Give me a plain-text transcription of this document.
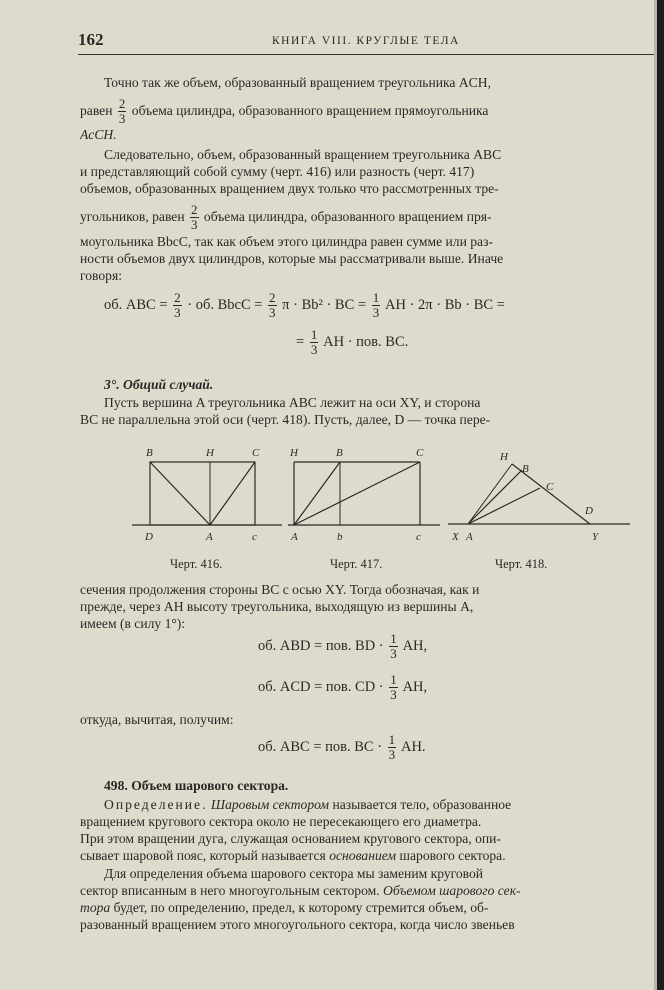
162	КНИГА VIII. КРУГЛЫЕ ТЕЛА
Точно так же объем, образованный вращением треугольника ACH,
равен $\frac{2}{3}$ объема цилиндра, образованного вращением прямоугольника
AcCH.
Следовательно, объем, образованный вращением треугольника ABC
и представляющий собой сумму (черт. 416) или разность (черт. 417)
объемов, образованных вращением двух только что рассмотренных тре-
угольников, равен $\frac{2}{3}$ объема цилиндра, образованного вращением пря-
моугольника BbcC, так как объем этого цилиндра равен сумме или раз-
ности объемов двух цилиндров, которые мы рассматривали выше. Иначе
говоря:
об. ABC = $\frac{2}{3}$ · об. BbcC = $\frac{2}{3}$ π · Bb² · BC = $\frac{1}{3}$ AH · 2π · Bb · BC =
= $\frac{1}{3}$ AH · пов. BC.
3°. Общий случай.
Пусть вершина A треугольника ABC лежит на оси XY, и сторона
BC не параллельна этой оси (черт. 418). Пусть, далее, D — точка пере-
B	H	C
D	A	c
H	B	C
A	b	c
H
B
C
D
X A	Y
Черт. 416.	Черт. 417.	Черт. 418.
сечения продолжения стороны BC с осью XY. Тогда обозначая, как и
прежде, через AH высоту треугольника, выходящую из вершины A,
имеем (в силу 1°):
об. ABD = пов. BD · $\frac{1}{3}$ AH,
об. ACD = пов. CD · $\frac{1}{3}$ AH,
откуда, вычитая, получим:
об. ABC = пов. BC · $\frac{1}{3}$ AH.
498. Объем шарового сектора.
Определение. Шаровым сектором называется тело, образованное
вращением кругового сектора около не пересекающего его диаметра.
При этом вращении дуга, служащая основанием кругового сектора, опи-
сывает шаровой пояс, который называется основанием шарового сектора.
Для определения объема шарового сектора мы заменим круговой
сектор вписанным в него многоугольным сектором. Объемом шарового сек-
тора будет, по определению, предел, к которому стремится объем, об-
разованный вращением этого многоугольного сектора, когда число звеньев
